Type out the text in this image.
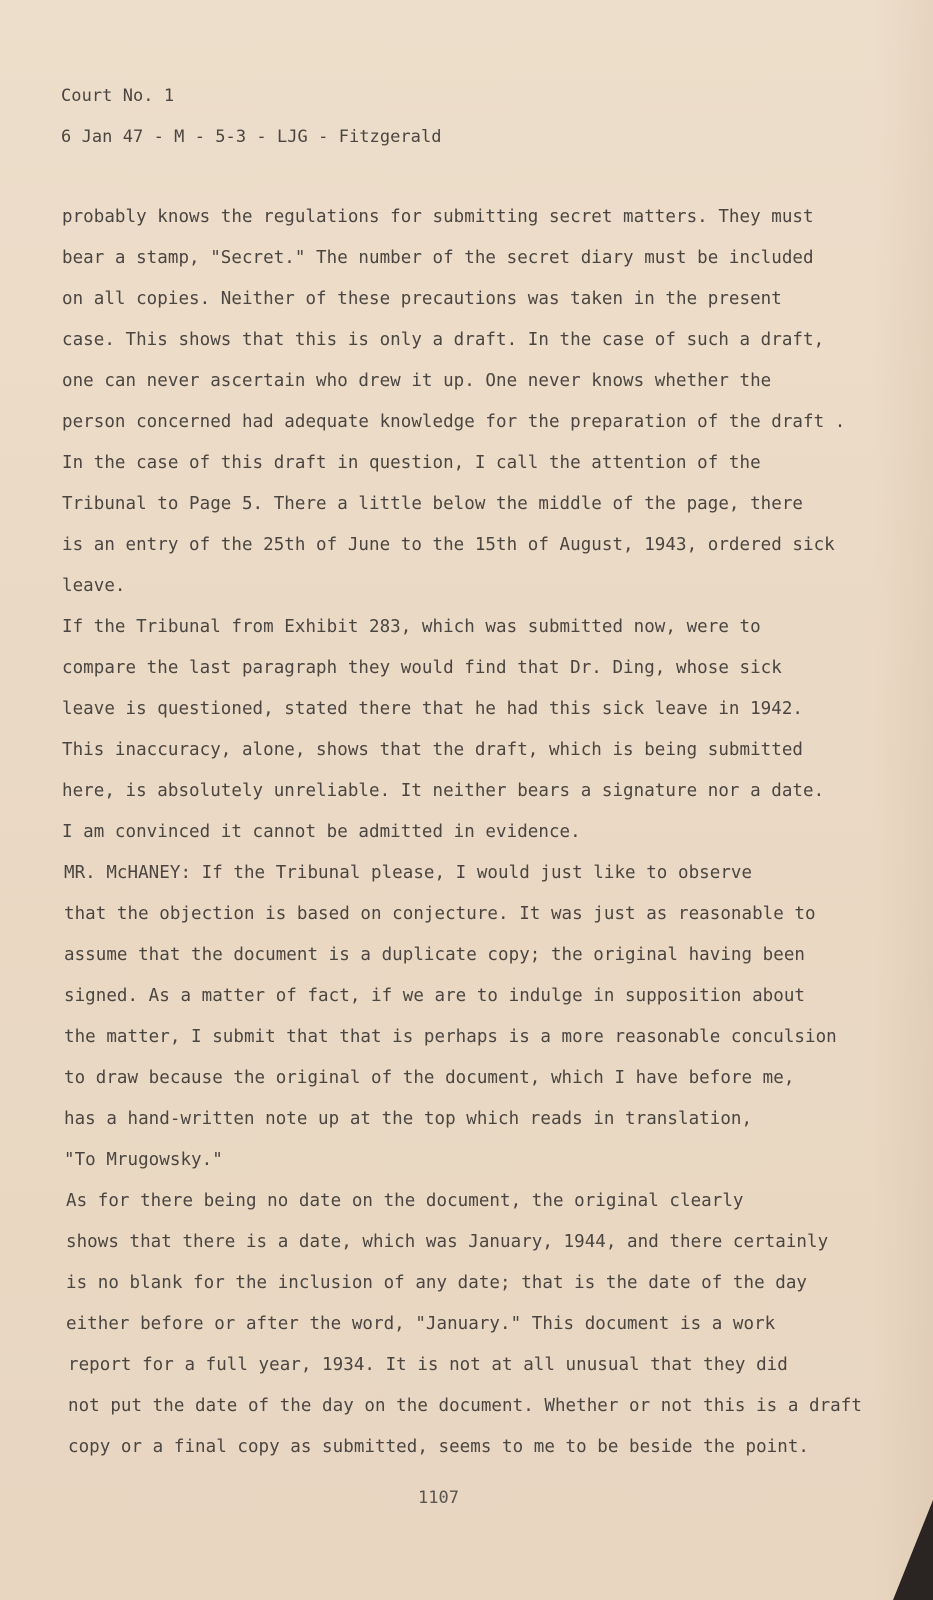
Court No. 1
6 Jan 47 - M - 5-3 - LJG - Fitzgerald
probably knows the regulations for submitting secret matters. They must
bear a stamp, "Secret." The number of the secret diary must be included
on all copies. Neither of these precautions was taken in the present
case. This shows that this is only a draft. In the case of such a draft,
one can never ascertain who drew it up. One never knows whether the
person concerned had adequate knowledge for the preparation of the draft .
In the case of this draft in question, I call the attention of the
Tribunal to Page 5. There a little below the middle of the page, there
is an entry of the 25th of June to the 15th of August, 1943, ordered sick
leave.
If the Tribunal from Exhibit 283, which was submitted now, were to
compare the last paragraph they would find that Dr. Ding, whose sick
leave is questioned, stated there that he had this sick leave in 1942.
This inaccuracy, alone, shows that the draft, which is being submitted
here, is absolutely unreliable. It neither bears a signature nor a date.
I am convinced it cannot be admitted in evidence.
MR. McHANEY: If the Tribunal please, I would just like to observe
that the objection is based on conjecture. It was just as reasonable to
assume that the document is a duplicate copy; the original having been
signed. As a matter of fact, if we are to indulge in supposition about
the matter, I submit that that is perhaps is a more reasonable conculsion
to draw because the original of the document, which I have before me,
has a hand-written note up at the top which reads in translation,
"To Mrugowsky."
As for there being no date on the document, the original clearly
shows that there is a date, which was January, 1944, and there certainly
is no blank for the inclusion of any date; that is the date of the day
either before or after the word, "January." This document is a work
report for a full year, 1934. It is not at all unusual that they did
not put the date of the day on the document. Whether or not this is a draft
copy or a final copy as submitted, seems to me to be beside the point.
1107
